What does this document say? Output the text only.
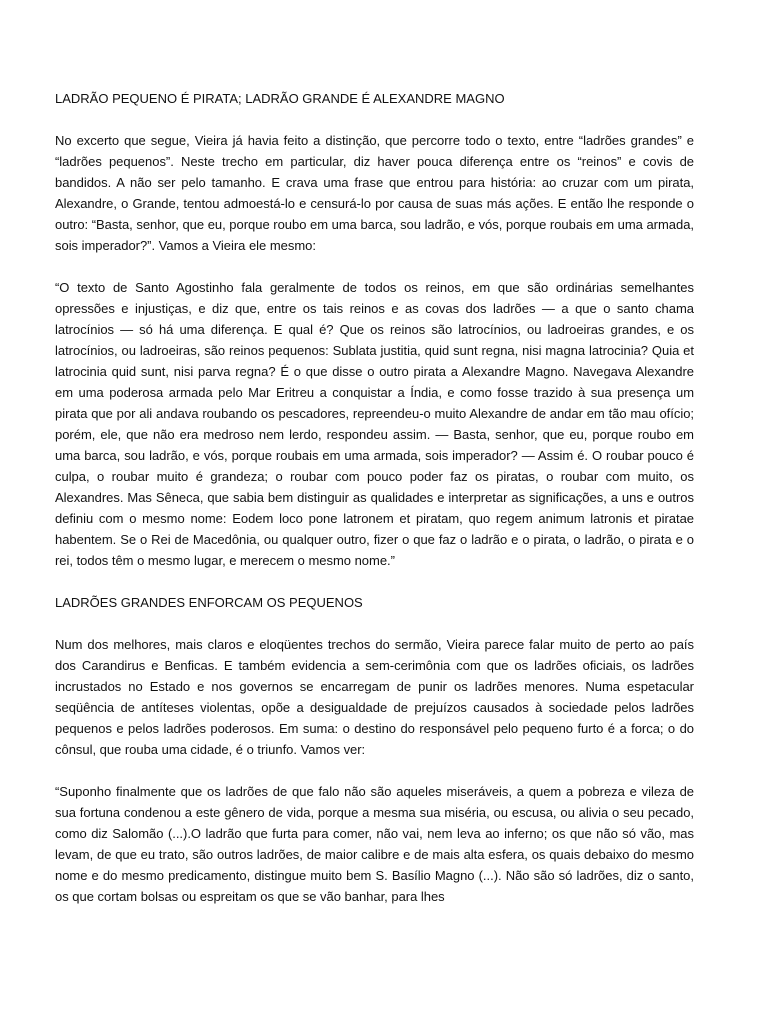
LADRÃO PEQUENO É PIRATA; LADRÃO GRANDE É ALEXANDRE MAGNO

No excerto que segue, Vieira já havia feito a distinção, que percorre todo o texto, entre “ladrões grandes” e “ladrões pequenos”. Neste trecho em particular, diz haver pouca diferença entre os “reinos” e covis de bandidos. A não ser pelo tamanho. E crava uma frase que entrou para história: ao cruzar com um pirata, Alexandre, o Grande, tentou admoestá-lo e censurá-lo por causa de suas más ações. E então lhe responde o outro: “Basta, senhor, que eu, porque roubo em uma barca, sou ladrão, e vós, porque roubais em uma armada, sois imperador?”. Vamos a Vieira ele mesmo:

“O texto de Santo Agostinho fala geralmente de todos os reinos, em que são ordinárias semelhantes opressões e injustiças, e diz que, entre os tais reinos e as covas dos ladrões — a que o santo chama latrocínios — só há uma diferença. E qual é? Que os reinos são latrocínios, ou ladroeiras grandes, e os latrocínios, ou ladroeiras, são reinos pequenos: Sublata justitia, quid sunt regna, nisi magna latrocinia? Quia et latrocinia quid sunt, nisi parva regna? É o que disse o outro pirata a Alexandre Magno. Navegava Alexandre em uma poderosa armada pelo Mar Eritreu a conquistar a Índia, e como fosse trazido à sua presença um pirata que por ali andava roubando os pescadores, repreendeu-o muito Alexandre de andar em tão mau ofício; porém, ele, que não era medroso nem lerdo, respondeu assim. — Basta, senhor, que eu, porque roubo em uma barca, sou ladrão, e vós, porque roubais em uma armada, sois imperador? — Assim é. O roubar pouco é culpa, o roubar muito é grandeza; o roubar com pouco poder faz os piratas, o roubar com muito, os Alexandres. Mas Sêneca, que sabia bem distinguir as qualidades e interpretar as significações, a uns e outros definiu com o mesmo nome: Eodem loco pone latronem et piratam, quo regem animum latronis et piratae habentem. Se o Rei de Macedônia, ou qualquer outro, fizer o que faz o ladrão e o pirata, o ladrão, o pirata e o rei, todos têm o mesmo lugar, e merecem o mesmo nome.”

LADRÕES GRANDES ENFORCAM OS PEQUENOS

Num dos melhores, mais claros e eloqüentes trechos do sermão, Vieira parece falar muito de perto ao país dos Carandirus e Benficas. E também evidencia a sem-cerimônia com que os ladrões oficiais, os ladrões incrustados no Estado e nos governos se encarregam de punir os ladrões menores. Numa espetacular seqüência de antíteses violentas, opõe a desigualdade de prejuízos causados à sociedade pelos ladrões pequenos e pelos ladrões poderosos. Em suma: o destino do responsável pelo pequeno furto é a forca; o do cônsul, que rouba uma cidade, é o triunfo. Vamos ver:

“Suponho finalmente que os ladrões de que falo não são aqueles miseráveis, a quem a pobreza e vileza de sua fortuna condenou a este gênero de vida, porque a mesma sua miséria, ou escusa, ou alivia o seu pecado, como diz Salomão (...).O ladrão que furta para comer, não vai, nem leva ao inferno; os que não só vão, mas levam, de que eu trato, são outros ladrões, de maior calibre e de mais alta esfera, os quais debaixo do mesmo nome e do mesmo predicamento, distingue muito bem S. Basílio Magno (...). Não são só ladrões, diz o santo, os que cortam bolsas ou espreitam os que se vão banhar, para lhes
